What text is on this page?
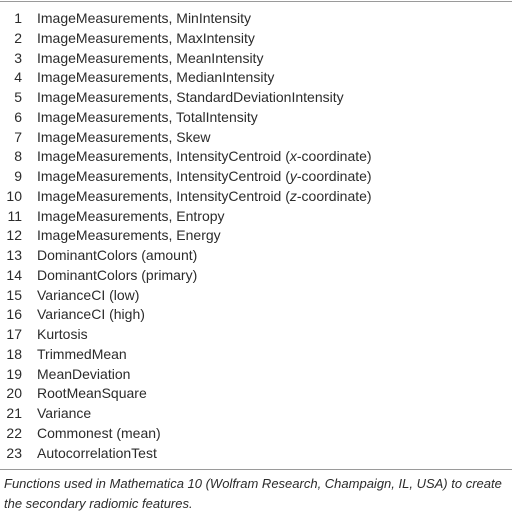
1 ImageMeasurements, MinIntensity
2 ImageMeasurements, MaxIntensity
3 ImageMeasurements, MeanIntensity
4 ImageMeasurements, MedianIntensity
5 ImageMeasurements, StandardDeviationIntensity
6 ImageMeasurements, TotalIntensity
7 ImageMeasurements, Skew
8 ImageMeasurements, IntensityCentroid (x-coordinate)
9 ImageMeasurements, IntensityCentroid (y-coordinate)
10 ImageMeasurements, IntensityCentroid (z-coordinate)
11 ImageMeasurements, Entropy
12 ImageMeasurements, Energy
13 DominantColors (amount)
14 DominantColors (primary)
15 VarianceCI (low)
16 VarianceCI (high)
17 Kurtosis
18 TrimmedMean
19 MeanDeviation
20 RootMeanSquare
21 Variance
22 Commonest (mean)
23 AutocorrelationTest
Functions used in Mathematica 10 (Wolfram Research, Champaign, IL, USA) to create the secondary radiomic features.
